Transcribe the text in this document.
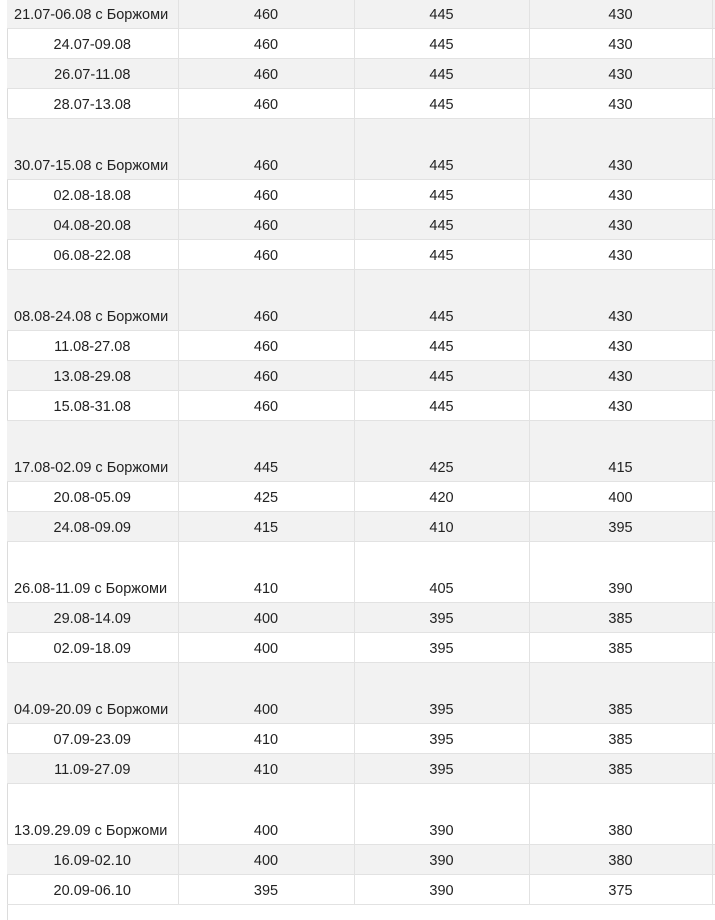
21.07-06.08 с Боржоми	460	445	430	
24.07-09.08	460	445	430	
26.07-11.08	460	445	430	
28.07-13.08	460	445	430	
30.07-15.08 с Боржоми	460	445	430	
02.08-18.08	460	445	430	
04.08-20.08	460	445	430	
06.08-22.08	460	445	430	
08.08-24.08 с Боржоми	460	445	430	
11.08-27.08	460	445	430	
13.08-29.08	460	445	430	
15.08-31.08	460	445	430	
17.08-02.09 с Боржоми	445	425	415	
20.08-05.09	425	420	400	
24.08-09.09	415	410	395	
26.08-11.09 с Боржоми	410	405	390	
29.08-14.09	400	395	385	
02.09-18.09	400	395	385	
04.09-20.09 с Боржоми	400	395	385	
07.09-23.09	410	395	385	
11.09-27.09	410	395	385	
13.09.29.09 с Боржоми	400	390	380	
16.09-02.10	400	390	380	
20.09-06.10	395	390	375	
